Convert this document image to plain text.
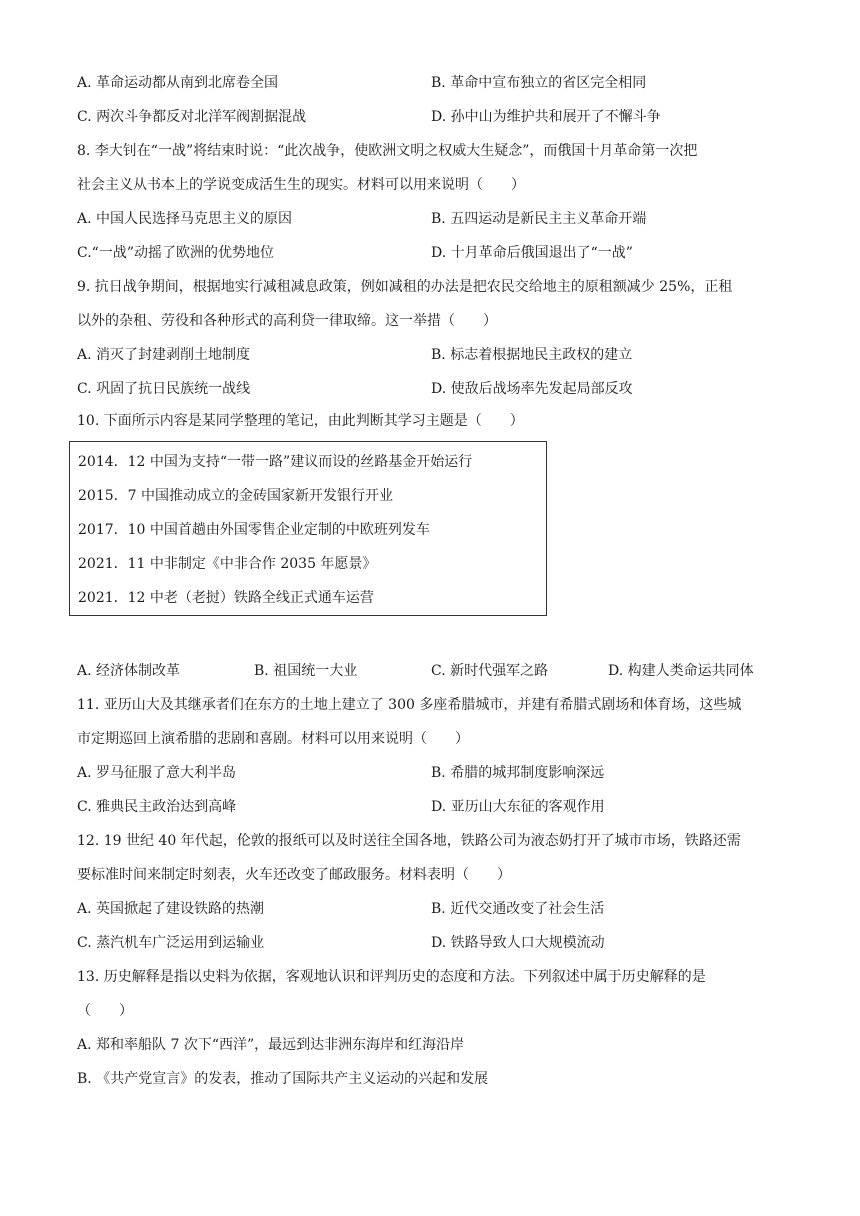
A. 革命运动都从南到北席卷全国	B. 革命中宣布独立的省区完全相同
C. 两次斗争都反对北洋军阀割据混战	D. 孙中山为维护共和展开了不懈斗争
8. 李大钊在“一战”将结束时说：“此次战争，使欧洲文明之权威大生疑念”，而俄国十月革命第一次把
社会主义从书本上的学说变成活生生的现实。材料可以用来说明（　　）
A. 中国人民选择马克思主义的原因	B. 五四运动是新民主主义革命开端
C.“一战”动摇了欧洲的优势地位	D. 十月革命后俄国退出了“一战”
9. 抗日战争期间，根据地实行减租减息政策，例如减租的办法是把农民交给地主的原租额减少 25%，正租
以外的杂租、劳役和各种形式的高利贷一律取缔。这一举措（　　）
A. 消灭了封建剥削土地制度	B. 标志着根据地民主政权的建立
C. 巩固了抗日民族统一战线	D. 使敌后战场率先发起局部反攻
10. 下面所示内容是某同学整理的笔记，由此判断其学习主题是（　　）
2014．12 中国为支持“一带一路”建议而设的丝路基金开始运行
2015．7 中国推动成立的金砖国家新开发银行开业
2017．10 中国首趟由外国零售企业定制的中欧班列发车
2021．11 中非制定《中非合作 2035 年愿景》
2021．12 中老（老挝）铁路全线正式通车运营
A. 经济体制改革	B. 祖国统一大业	C. 新时代强军之路	D. 构建人类命运共同体
11. 亚历山大及其继承者们在东方的土地上建立了 300 多座希腊城市，并建有希腊式剧场和体育场，这些城
市定期巡回上演希腊的悲剧和喜剧。材料可以用来说明（　　）
A. 罗马征服了意大利半岛	B. 希腊的城邦制度影响深远
C. 雅典民主政治达到高峰	D. 亚历山大东征的客观作用
12. 19 世纪 40 年代起，伦敦的报纸可以及时送往全国各地，铁路公司为液态奶打开了城市市场，铁路还需
要标准时间来制定时刻表，火车还改变了邮政服务。材料表明（　　）
A. 英国掀起了建设铁路的热潮	B. 近代交通改变了社会生活
C. 蒸汽机车广泛运用到运输业	D. 铁路导致人口大规模流动
13. 历史解释是指以史料为依据，客观地认识和评判历史的态度和方法。下列叙述中属于历史解释的是
（　　）
A. 郑和率船队 7 次下“西洋”，最远到达非洲东海岸和红海沿岸
B. 《共产党宣言》的发表，推动了国际共产主义运动的兴起和发展
